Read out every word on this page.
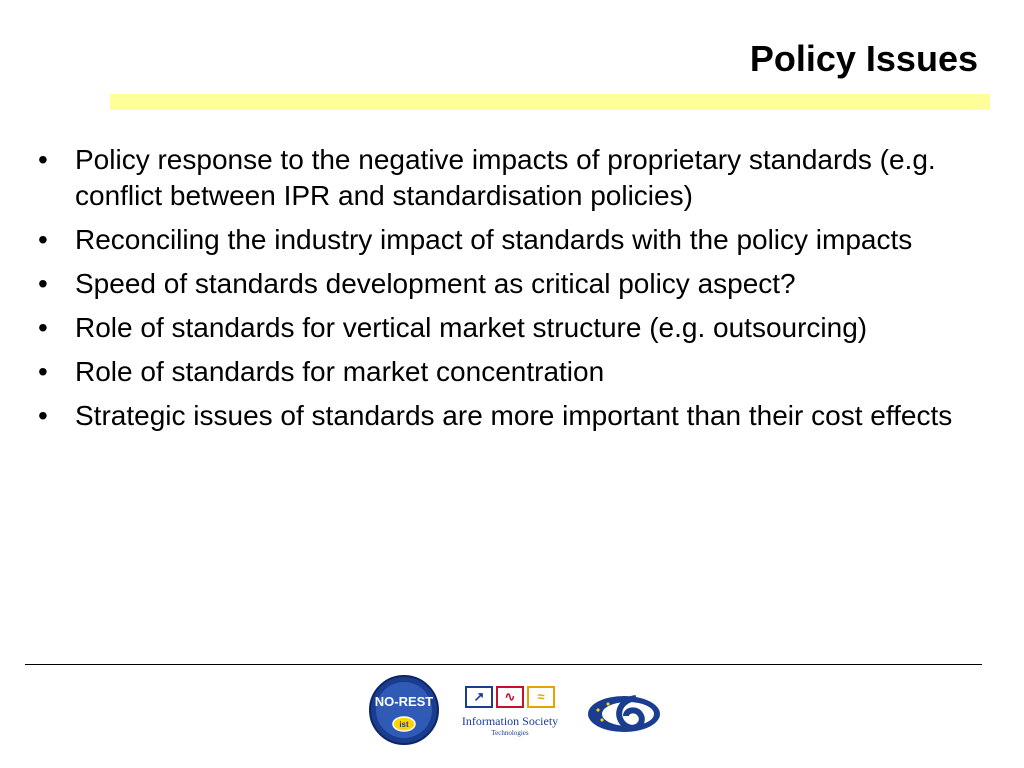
Policy Issues
• Policy response to the negative impacts of proprietary standards (e.g. conflict between IPR and standardisation policies)
• Reconciling the industry impact of standards with the policy impacts
• Speed of standards development as critical policy aspect?
• Role of standards for vertical market structure (e.g. outsourcing)
• Role of standards for market concentration
• Strategic issues of standards are more important than their cost effects
NO-REST
ist
↗	∿	≈
Information Society
Technologies
